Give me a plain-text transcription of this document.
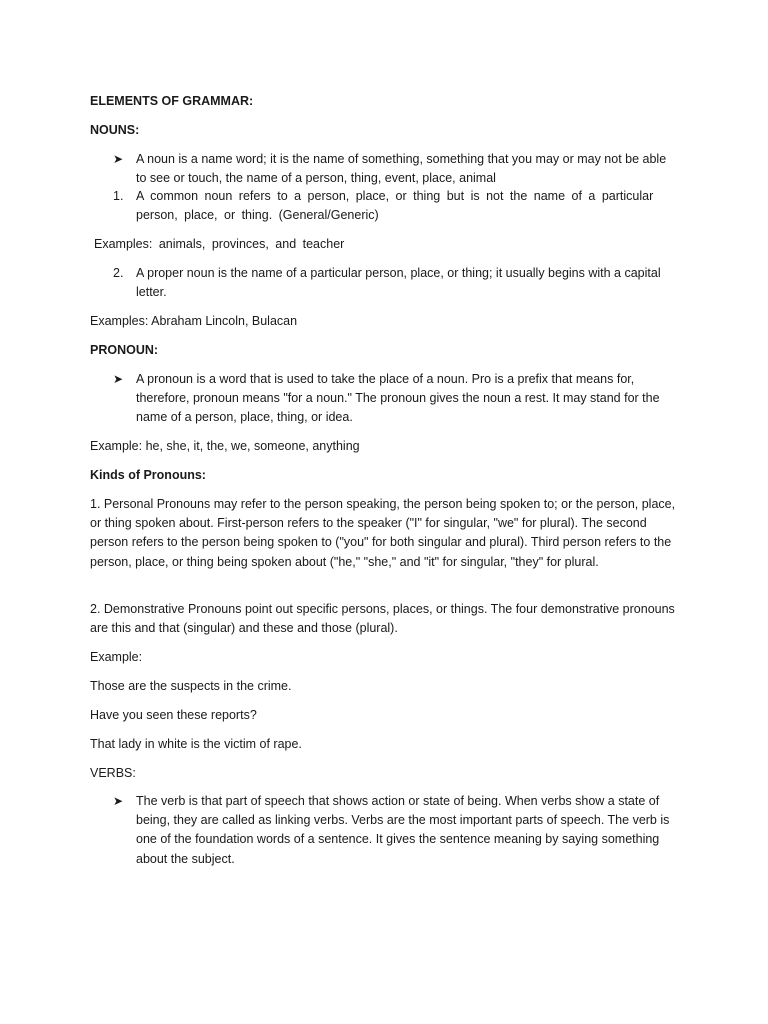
ELEMENTS OF GRAMMAR:

NOUNS:

➤	A noun is a name word; it is the name of something, something that you may or may not be able to see or touch, the name of a person, thing, event, place, animal
1.	A common noun refers to a person, place, or thing but is not the name of a particular person, place, or thing. (General/Generic)

Examples: animals, provinces, and teacher

2.	A proper noun is the name of a particular person, place, or thing; it usually begins with a capital letter.

Examples: Abraham Lincoln, Bulacan

PRONOUN:

➤	A pronoun is a word that is used to take the place of a noun. Pro is a prefix that means for, therefore, pronoun means "for a noun." The pronoun gives the noun a rest. It may stand for the name of a person, place, thing, or idea.

Example: he, she, it, the, we, someone, anything

Kinds of Pronouns:

1. Personal Pronouns may refer to the person speaking, the person being spoken to; or the person, place, or thing spoken about. First-person refers to the speaker ("I" for singular, "we" for plural). The second person refers to the person being spoken to ("you" for both singular and plural). Third person refers to the person, place, or thing being spoken about ("he," "she," and "it" for singular, "they" for plural.

2. Demonstrative Pronouns point out specific persons, places, or things. The four demonstrative pronouns are this and that (singular) and these and those (plural).

Example:

Those are the suspects in the crime.

Have you seen these reports?

That lady in white is the victim of rape.

VERBS:

➤	The verb is that part of speech that shows action or state of being. When verbs show a state of being, they are called as linking verbs. Verbs are the most important parts of speech. The verb is one of the foundation words of a sentence. It gives the sentence meaning by saying something about the subject.
